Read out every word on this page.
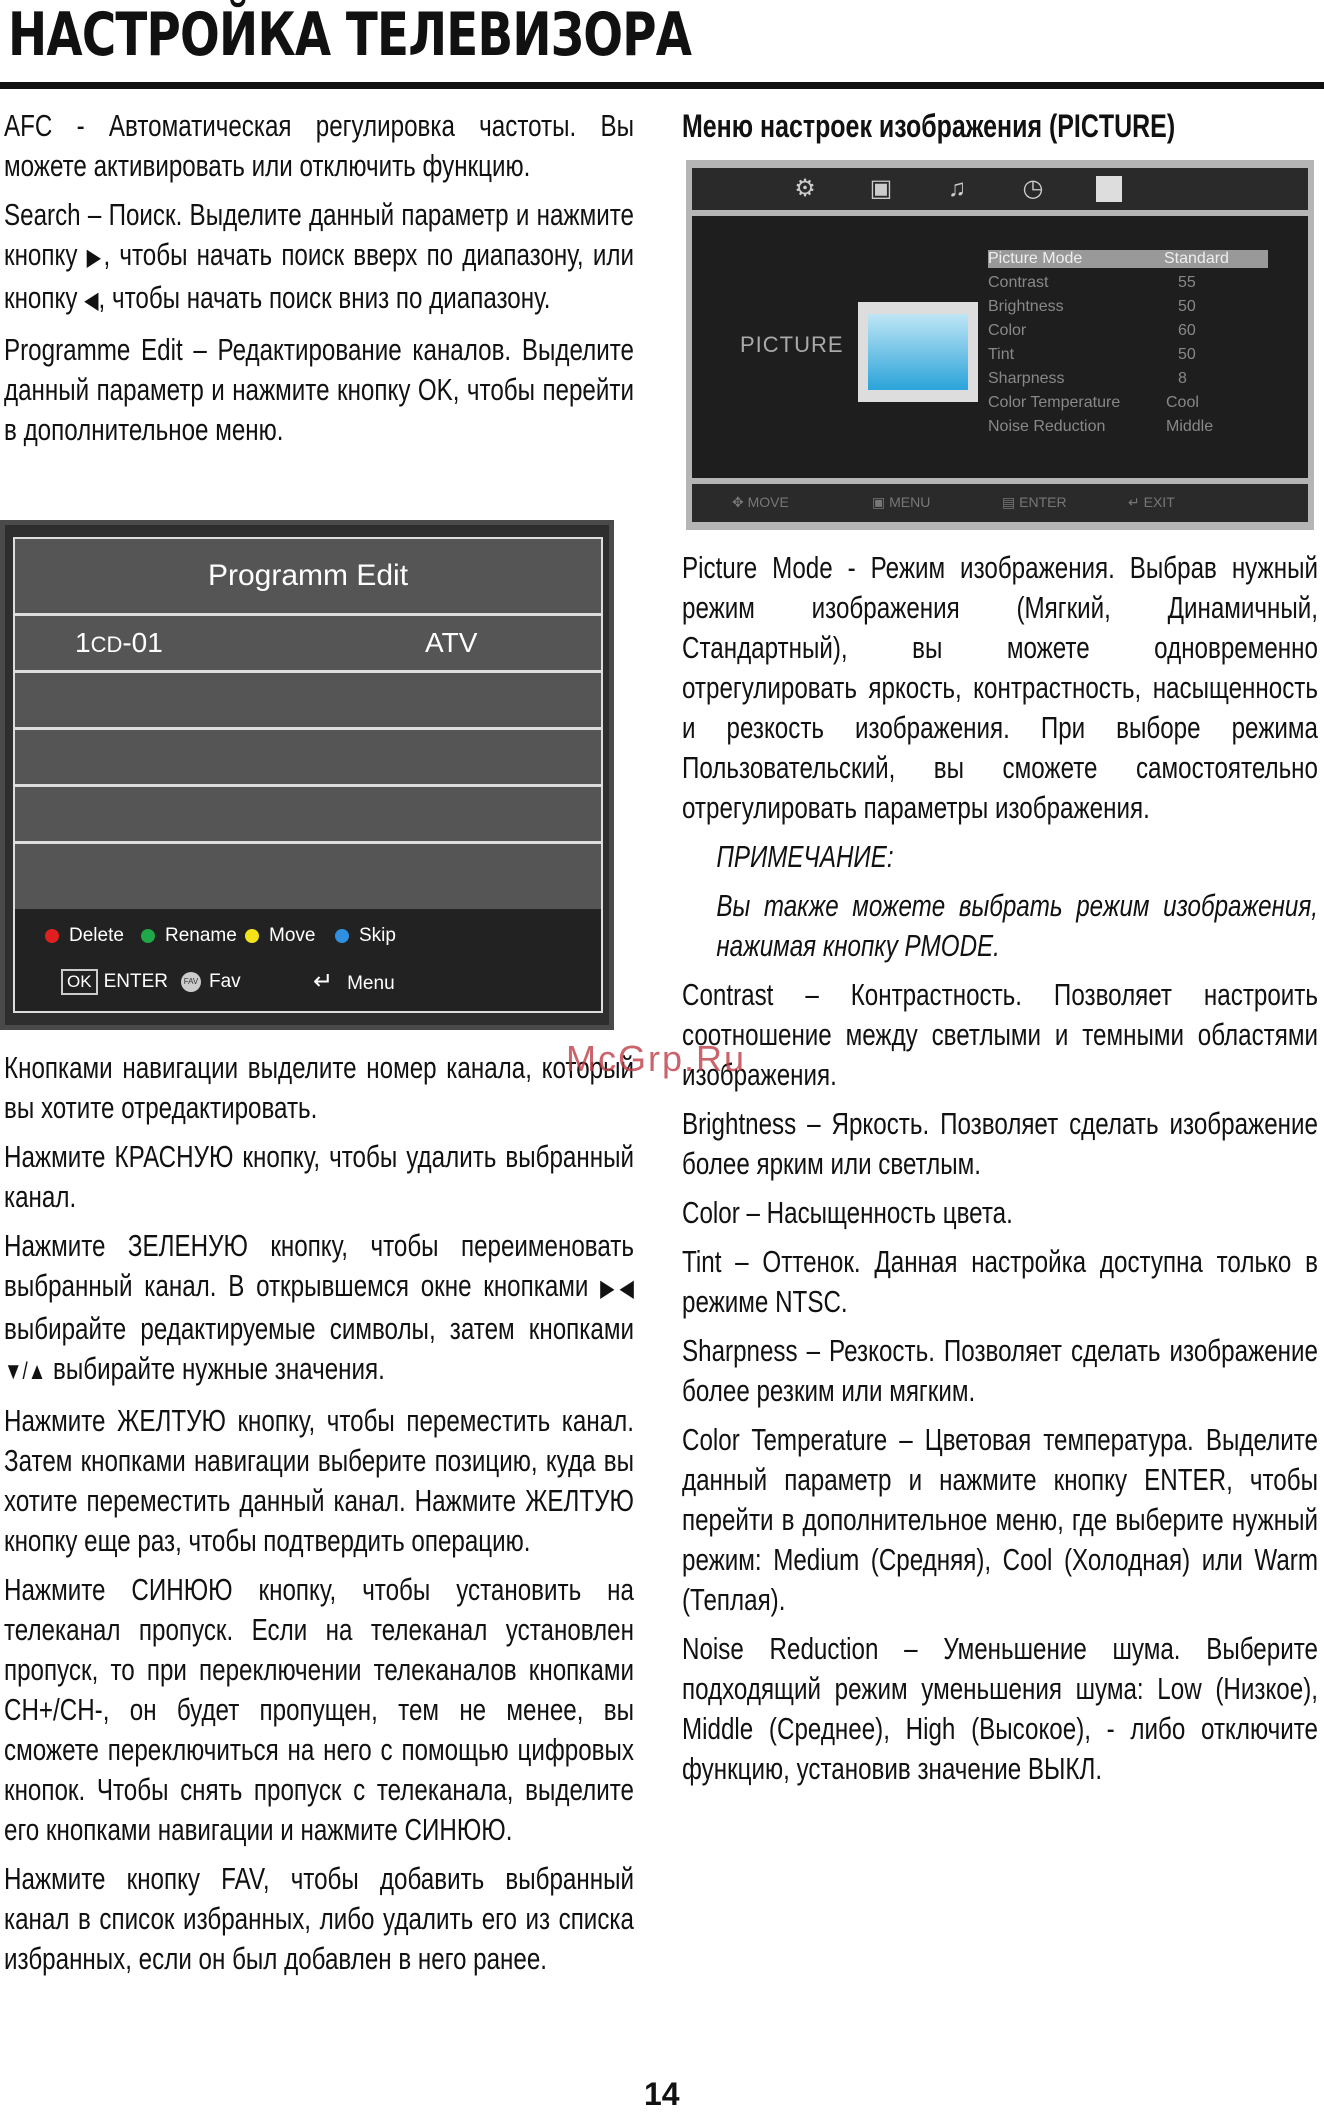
НАСТРОЙКА ТЕЛЕВИЗОРА

AFC - Автоматическая регулировка частоты. Вы можете активировать или отключить функцию.

Search – Поиск. Выделите данный параметр и нажмите кнопку ▶, чтобы начать поиск вверх по диапазону, или кнопку ◀, чтобы начать поиск вниз по диапазону.

Programme Edit – Редактирование каналов. Выделите данный параметр и нажмите кнопку OK, чтобы перейти в дополнительное меню.

Programm Edit
1CD-01	ATV
Delete	Rename	Move	Skip
OK ENTER	FAV Fav	↵ Menu

Кнопками навигации выделите номер канала, который вы хотите отредактировать.

Нажмите КРАСНУЮ кнопку, чтобы удалить выбранный канал.

Нажмите ЗЕЛЕНУЮ кнопку, чтобы переименовать выбранный канал. В открывшемся окне кнопками ▶◀ выбирайте редактируемые символы, затем кнопками ▼/▲ выбирайте нужные значения.

Нажмите ЖЕЛТУЮ кнопку, чтобы переместить канал. Затем кнопками навигации выберите позицию, куда вы хотите переместить данный канал. Нажмите ЖЕЛТУЮ кнопку еще раз, чтобы подтвердить операцию.

Нажмите СИНЮЮ кнопку, чтобы установить на телеканал пропуск. Если на телеканал установлен пропуск, то при переключении телеканалов кнопками CH+/CH-, он будет пропущен, тем не менее, вы сможете переключиться на него с помощью цифровых кнопок. Чтобы снять пропуск с телеканала, выделите его кнопками навигации и нажмите СИНЮЮ.

Нажмите кнопку FAV, чтобы добавить выбранный канал в список избранных, либо удалить его из списка избранных, если он был добавлен в него ранее.

Меню настроек изображения (PICTURE)

⚙ ▣ ♫ ◷
PICTURE
Picture Mode	Standard
Contrast	55
Brightness	50
Color	60
Tint	50
Sharpness	8
Color Temperature	Cool
Noise Reduction	Middle
✥ MOVE	▣ MENU	▤ ENTER	↵ EXIT

Picture Mode - Режим изображения. Выбрав нужный режим изображения (Мягкий, Динамичный, Стандартный), вы можете одновременно отрегулировать яркость, контрастность, насыщенность и резкость изображения. При выборе режима Пользовательский, вы сможете самостоятельно отрегулировать параметры изображения.

ПРИМЕЧАНИЕ:

Вы также можете выбрать режим изображения, нажимая кнопку PMODE.

Contrast – Контрастность. Позволяет настроить соотношение между светлыми и темными областями изображения.

Brightness – Яркость. Позволяет сделать изображение более ярким или светлым.

Color – Насыщенность цвета.

Tint – Оттенок. Данная настройка доступна только в режиме NTSC.

Sharpness – Резкость. Позволяет сделать изображение более резким или мягким.

Color Temperature – Цветовая температура. Выделите данный параметр и нажмите кнопку ENTER, чтобы перейти в дополнительное меню, где выберите нужный режим: Medium (Средняя), Cool (Холодная) или Warm (Теплая).

Noise Reduction – Уменьшение шума. Выберите подходящий режим уменьшения шума: Low (Низкое), Middle (Среднее), High (Высокое), - либо отключите функцию, установив значение ВЫКЛ.

McGrp.Ru
14
